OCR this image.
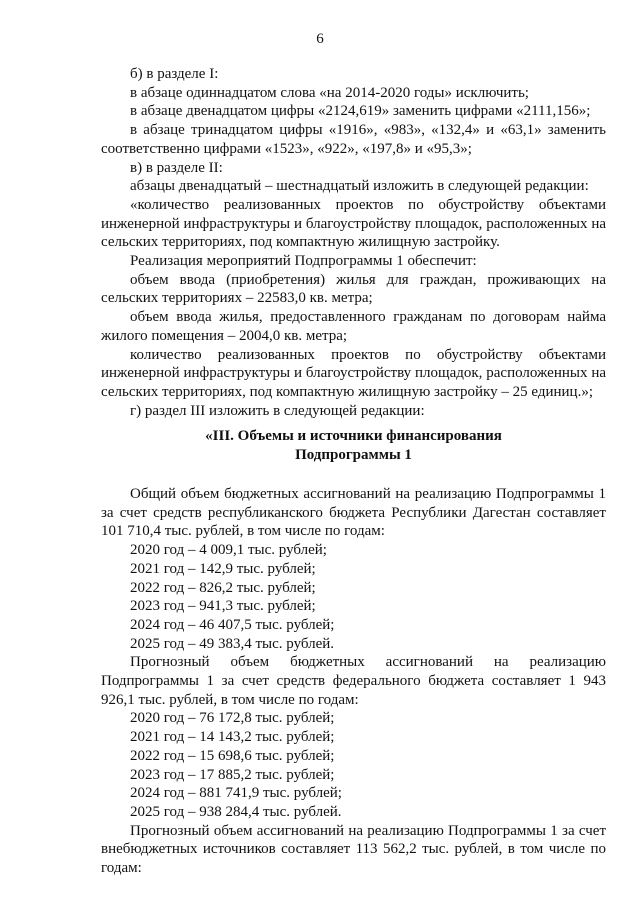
6

б) в разделе I:

в абзаце одиннадцатом слова «на 2014-2020 годы» исключить;

в абзаце двенадцатом цифры «2124,619» заменить цифрами «2111,156»;

в абзаце тринадцатом цифры «1916», «983», «132,4» и «63,1» заменить соответственно цифрами «1523», «922», «197,8» и «95,3»;

в) в разделе II:

абзацы двенадцатый – шестнадцатый изложить в следующей редакции:

«количество реализованных проектов по обустройству объектами инженерной инфраструктуры и благоустройству площадок, расположенных на сельских территориях, под компактную жилищную застройку.

Реализация мероприятий Подпрограммы 1 обеспечит:

объем ввода (приобретения) жилья для граждан, проживающих на сельских территориях – 22583,0 кв. метра;

объем ввода жилья, предоставленного гражданам по договорам найма жилого помещения – 2004,0 кв. метра;

количество реализованных проектов по обустройству объектами инженерной инфраструктуры и благоустройству площадок, расположенных на сельских территориях, под компактную жилищную застройку – 25 единиц.»;

г) раздел III изложить в следующей редакции:

«III. Объемы и источники финансирования
Подпрограммы 1

Общий объем бюджетных ассигнований на реализацию Подпрограммы 1 за счет средств республиканского бюджета Республики Дагестан составляет 101 710,4 тыс. рублей, в том числе по годам:

2020 год – 4 009,1 тыс. рублей;

2021 год – 142,9 тыс. рублей;

2022 год – 826,2 тыс. рублей;

2023 год – 941,3 тыс. рублей;

2024 год – 46 407,5 тыс. рублей;

2025 год – 49 383,4 тыс. рублей.

Прогнозный объем бюджетных ассигнований на реализацию Подпрограммы 1 за счет средств федерального бюджета составляет 1 943 926,1 тыс. рублей, в том числе по годам:

2020 год – 76 172,8 тыс. рублей;

2021 год – 14 143,2 тыс. рублей;

2022 год – 15 698,6 тыс. рублей;

2023 год – 17 885,2 тыс. рублей;

2024 год – 881 741,9 тыс. рублей;

2025 год – 938 284,4 тыс. рублей.

Прогнозный объем ассигнований на реализацию Подпрограммы 1 за счет внебюджетных источников составляет 113 562,2 тыс. рублей, в том числе по годам:
